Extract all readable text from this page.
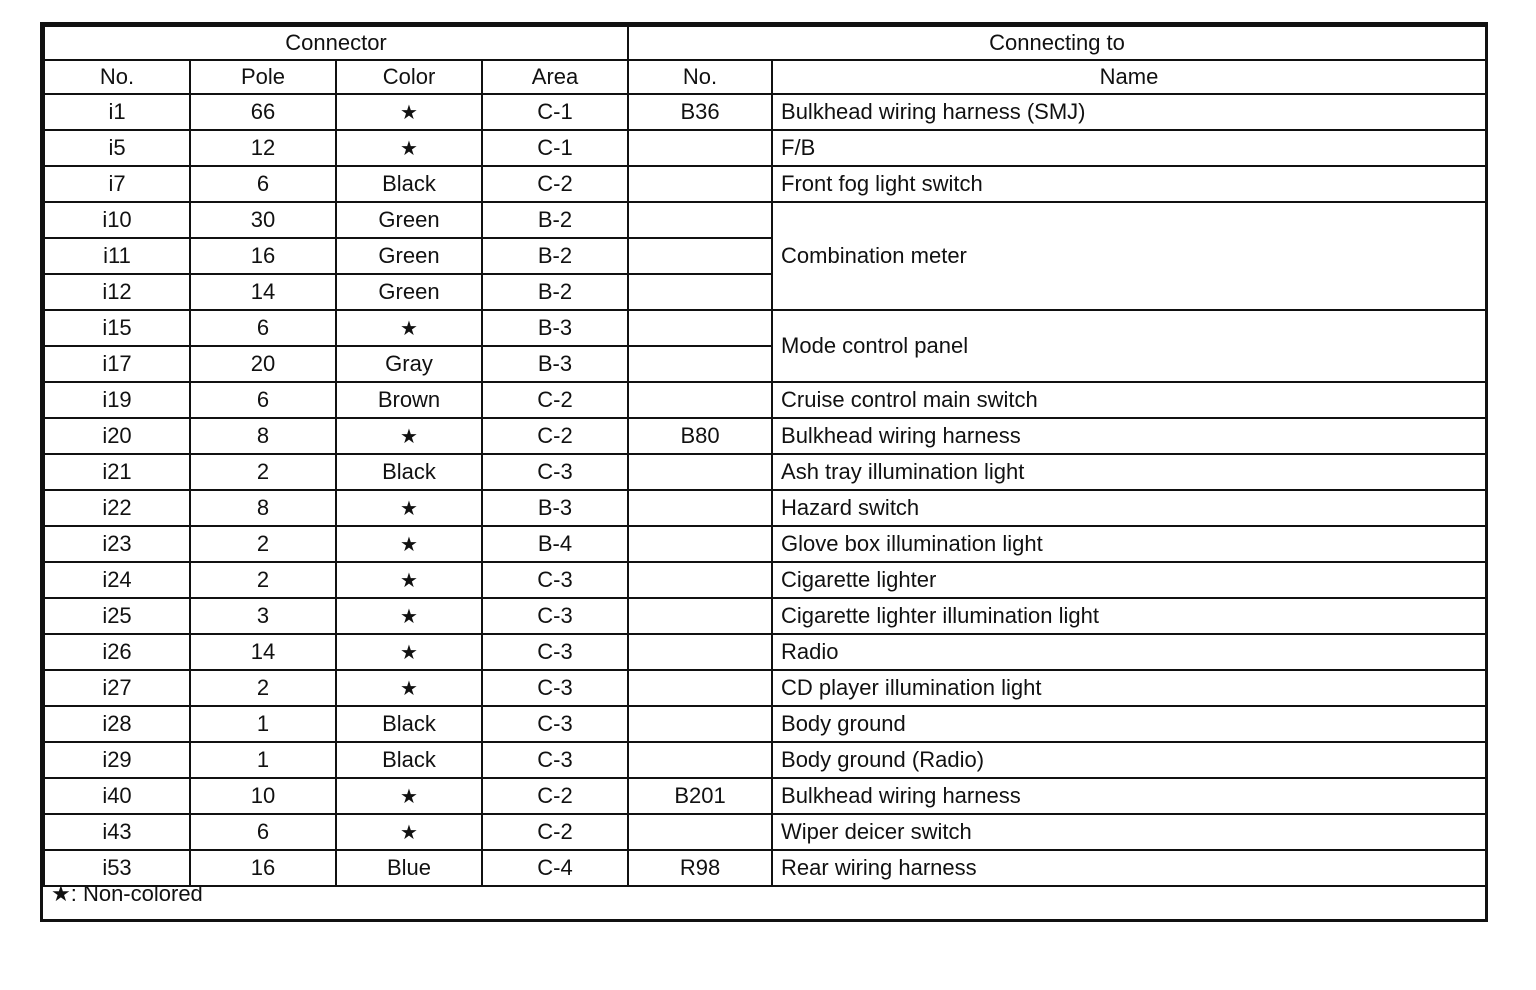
Connector				Connecting to	
No.	Pole	Color	Area	No.	Name
i1	66	★	C-1	B36	Bulkhead wiring harness (SMJ)
i5	12	★	C-1		F/B
i7	6	Black	C-2		Front fog light switch
i10	30	Green	B-2		Combination meter
i11	16	Green	B-2		
i12	14	Green	B-2		
i15	6	★	B-3		Mode control panel
i17	20	Gray	B-3		
i19	6	Brown	C-2		Cruise control main switch
i20	8	★	C-2	B80	Bulkhead wiring harness
i21	2	Black	C-3		Ash tray illumination light
i22	8	★	B-3		Hazard switch
i23	2	★	B-4		Glove box illumination light
i24	2	★	C-3		Cigarette lighter
i25	3	★	C-3		Cigarette lighter illumination light
i26	14	★	C-3		Radio
i27	2	★	C-3		CD player illumination light
i28	1	Black	C-3		Body ground
i29	1	Black	C-3		Body ground (Radio)
i40	10	★	C-2	B201	Bulkhead wiring harness
i43	6	★	C-2		Wiper deicer switch
i53	16	Blue	C-4	R98	Rear wiring harness
★: Non-colored
